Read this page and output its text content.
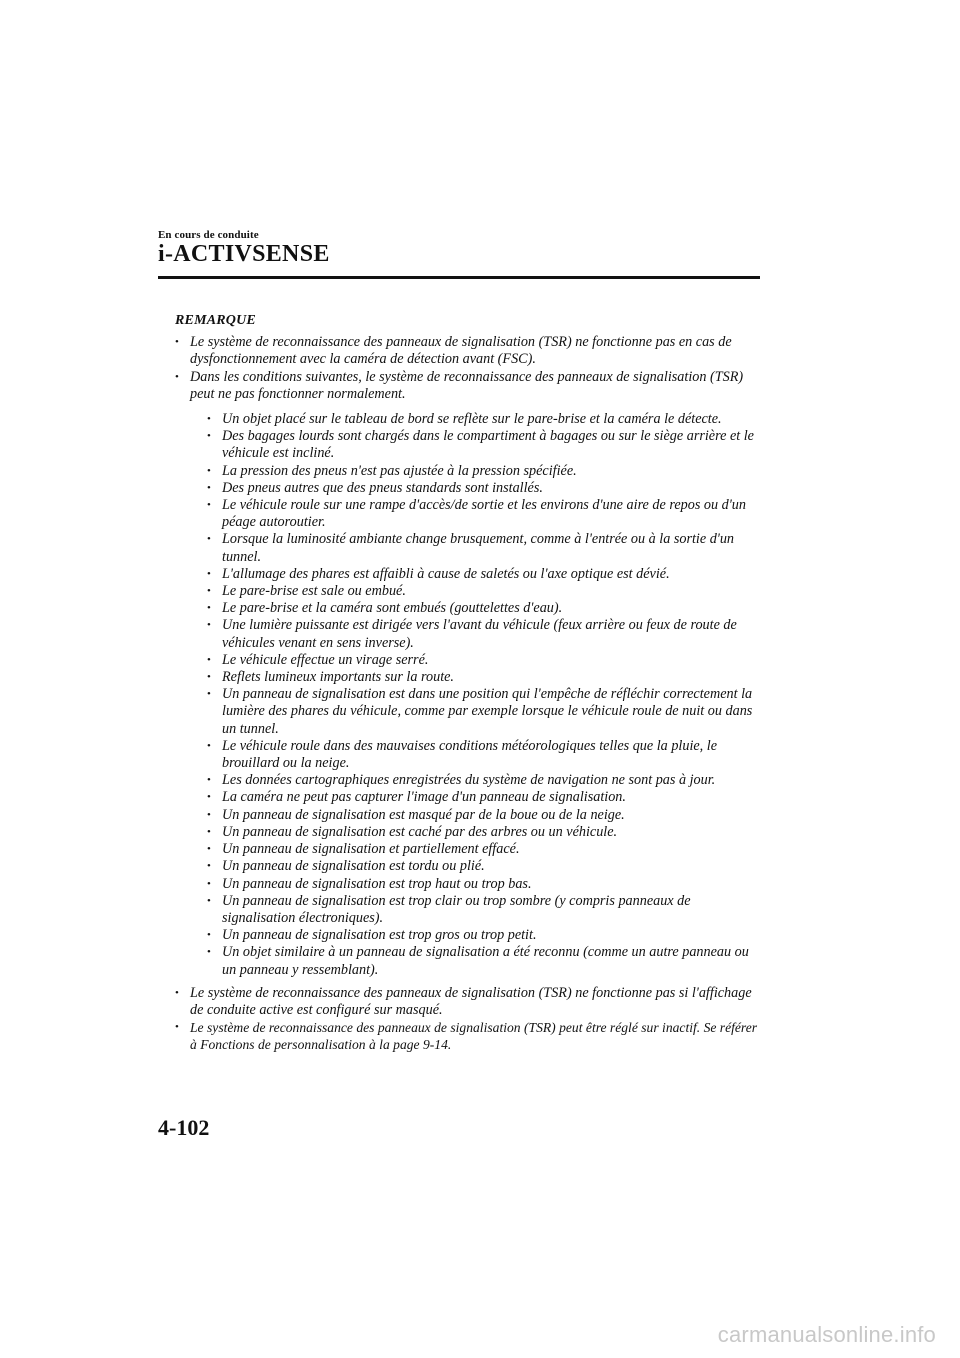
En cours de conduite
i-ACTIVSENSE
REMARQUE
• Le système de reconnaissance des panneaux de signalisation (TSR) ne fonctionne pas en cas de dysfonctionnement avec la caméra de détection avant (FSC).
• Dans les conditions suivantes, le système de reconnaissance des panneaux de signalisation (TSR) peut ne pas fonctionner normalement.
• Un objet placé sur le tableau de bord se reflète sur le pare-brise et la caméra le détecte.
• Des bagages lourds sont chargés dans le compartiment à bagages ou sur le siège arrière et le véhicule est incliné.
• La pression des pneus n'est pas ajustée à la pression spécifiée.
• Des pneus autres que des pneus standards sont installés.
• Le véhicule roule sur une rampe d'accès/de sortie et les environs d'une aire de repos ou d'un péage autoroutier.
• Lorsque la luminosité ambiante change brusquement, comme à l'entrée ou à la sortie d'un tunnel.
• L'allumage des phares est affaibli à cause de saletés ou l'axe optique est dévié.
• Le pare-brise est sale ou embué.
• Le pare-brise et la caméra sont embués (gouttelettes d'eau).
• Une lumière puissante est dirigée vers l'avant du véhicule (feux arrière ou feux de route de véhicules venant en sens inverse).
• Le véhicule effectue un virage serré.
• Reflets lumineux importants sur la route.
• Un panneau de signalisation est dans une position qui l'empêche de réfléchir correctement la lumière des phares du véhicule, comme par exemple lorsque le véhicule roule de nuit ou dans un tunnel.
• Le véhicule roule dans des mauvaises conditions météorologiques telles que la pluie, le brouillard ou la neige.
• Les données cartographiques enregistrées du système de navigation ne sont pas à jour.
• La caméra ne peut pas capturer l'image d'un panneau de signalisation.
• Un panneau de signalisation est masqué par de la boue ou de la neige.
• Un panneau de signalisation est caché par des arbres ou un véhicule.
• Un panneau de signalisation et partiellement effacé.
• Un panneau de signalisation est tordu ou plié.
• Un panneau de signalisation est trop haut ou trop bas.
• Un panneau de signalisation est trop clair ou trop sombre (y compris panneaux de signalisation électroniques).
• Un panneau de signalisation est trop gros ou trop petit.
• Un objet similaire à un panneau de signalisation a été reconnu (comme un autre panneau ou un panneau y ressemblant).
• Le système de reconnaissance des panneaux de signalisation (TSR) ne fonctionne pas si l'affichage de conduite active est configuré sur masqué.
• Le système de reconnaissance des panneaux de signalisation (TSR) peut être réglé sur inactif. Se référer à Fonctions de personnalisation à la page 9-14.
4-102
carmanualsonline.info
